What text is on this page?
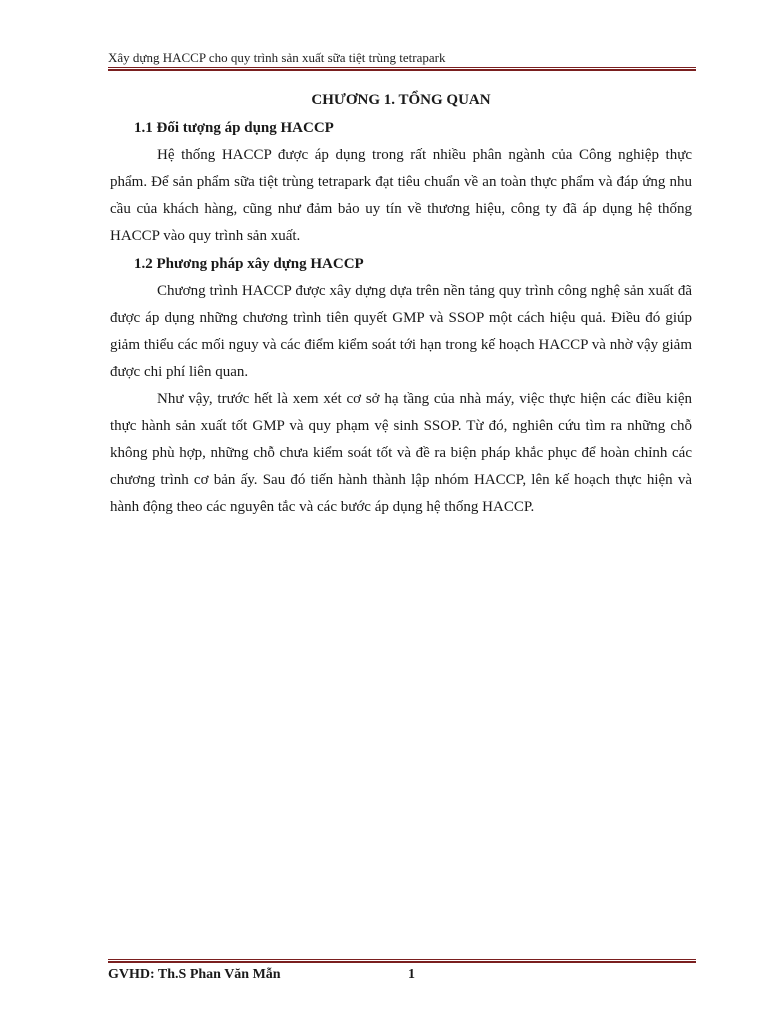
Xây dựng HACCP cho quy trình sản xuất sữa tiệt trùng tetrapark
CHƯƠNG 1. TỔNG QUAN
1.1 Đối tượng áp dụng HACCP

Hệ thống HACCP được áp dụng trong rất nhiều phân ngành của Công nghiệp thực phẩm. Để sản phẩm sữa tiệt trùng tetrapark đạt tiêu chuẩn về an toàn thực phẩm và đáp ứng nhu cầu của khách hàng, cũng như đảm bảo uy tín về thương hiệu, công ty đã áp dụng hệ thống HACCP vào quy trình sản xuất.

1.2 Phương pháp xây dựng HACCP

Chương trình HACCP được xây dựng dựa trên nền tảng quy trình công nghệ sản xuất đã được áp dụng những chương trình tiên quyết GMP và SSOP một cách hiệu quả. Điều đó giúp giảm thiểu các mối nguy và các điểm kiểm soát tới hạn trong kế hoạch HACCP và nhờ vậy giảm được chi phí liên quan.

Như vậy, trước hết là xem xét cơ sở hạ tầng của nhà máy, việc thực hiện các điều kiện thực hành sản xuất tốt GMP và quy phạm vệ sinh SSOP. Từ đó, nghiên cứu tìm ra những chỗ không phù hợp, những chỗ chưa kiểm soát tốt và đề ra biện pháp khắc phục để hoàn chỉnh các chương trình cơ bản ấy. Sau đó tiến hành thành lập nhóm HACCP, lên kế hoạch thực hiện và hành động theo các nguyên tắc và các bước áp dụng hệ thống HACCP.

GVHD: Th.S Phan Văn Mẫn	1
